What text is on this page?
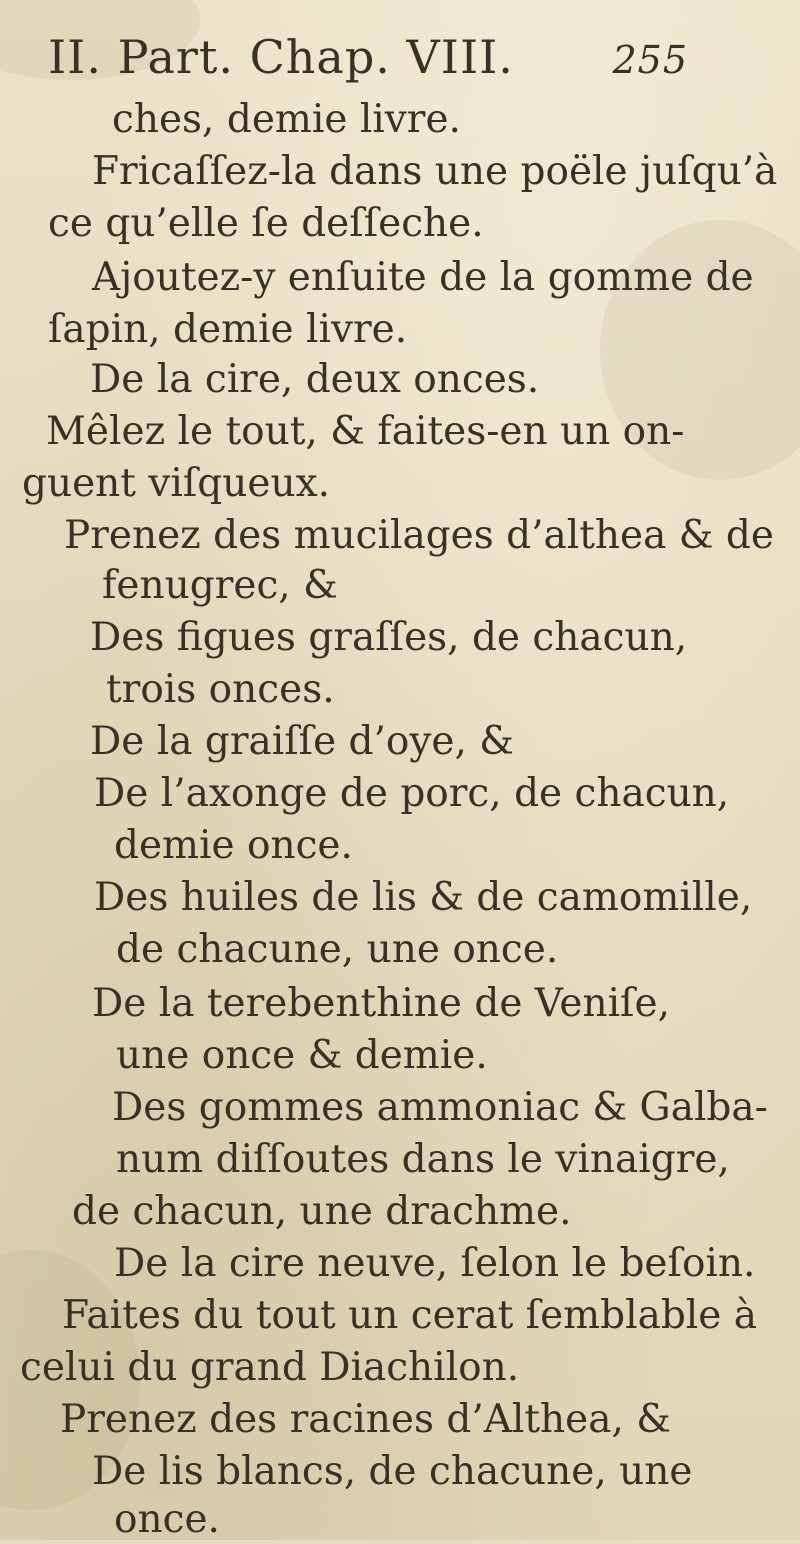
II. Part. Chap. VIII.	255
ches, demie livre.
Fricaſſez-la dans une poële juſqu’à
ce qu’elle ſe deſſeche.
Ajoutez-y enſuite de la gomme de
ſapin, demie livre.
De la cire, deux onces.
Mêlez le tout, & faites-en un on-
guent viſqueux.
Prenez des mucilages d’althea & de
fenugrec, &
Des figues graſſes, de chacun,
trois onces.
De la graiſſe d’oye, &
De l’axonge de porc, de chacun,
demie once.
Des huiles de lis & de camomille,
de chacune, une once.
De la terebenthine de Veniſe,
une once & demie.
Des gommes ammoniac & Galba-
num diſſoutes dans le vinaigre,
de chacun, une drachme.
De la cire neuve, ſelon le beſoin.
Faites du tout un cerat ſemblable à
celui du grand Diachilon.
Prenez des racines d’Althea, &
De lis blancs, de chacune, une
once.
